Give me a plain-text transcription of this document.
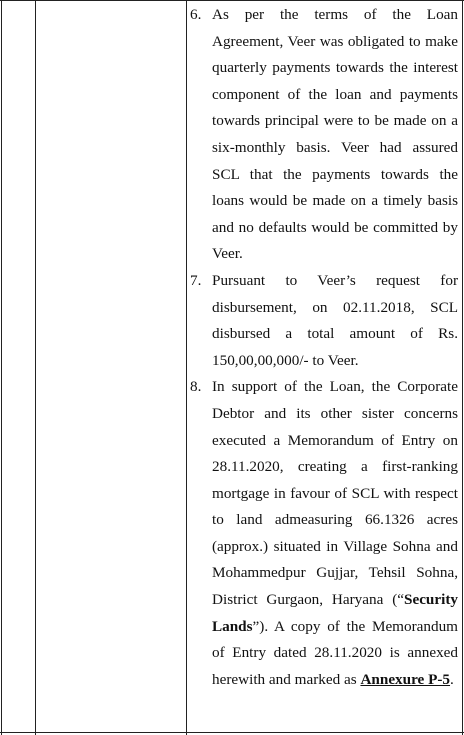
6. As per the terms of the Loan Agreement, Veer was obligated to make quarterly payments towards the interest component of the loan and payments towards principal were to be made on a six-monthly basis. Veer had assured SCL that the payments towards the loans would be made on a timely basis and no defaults would be committed by Veer.
7. Pursuant to Veer’s request for disbursement, on 02.11.2018, SCL disbursed a total amount of Rs. 150,00,00,000/- to Veer.
8. In support of the Loan, the Corporate Debtor and its other sister concerns executed a Memorandum of Entry on 28.11.2020, creating a first-ranking mortgage in favour of SCL with respect to land admeasuring 66.1326 acres (approx.) situated in Village Sohna and Mohammedpur Gujjar, Tehsil Sohna, District Gurgaon, Haryana (“Security Lands”). A copy of the Memorandum of Entry dated 28.11.2020 is annexed herewith and marked as Annexure P-5.
